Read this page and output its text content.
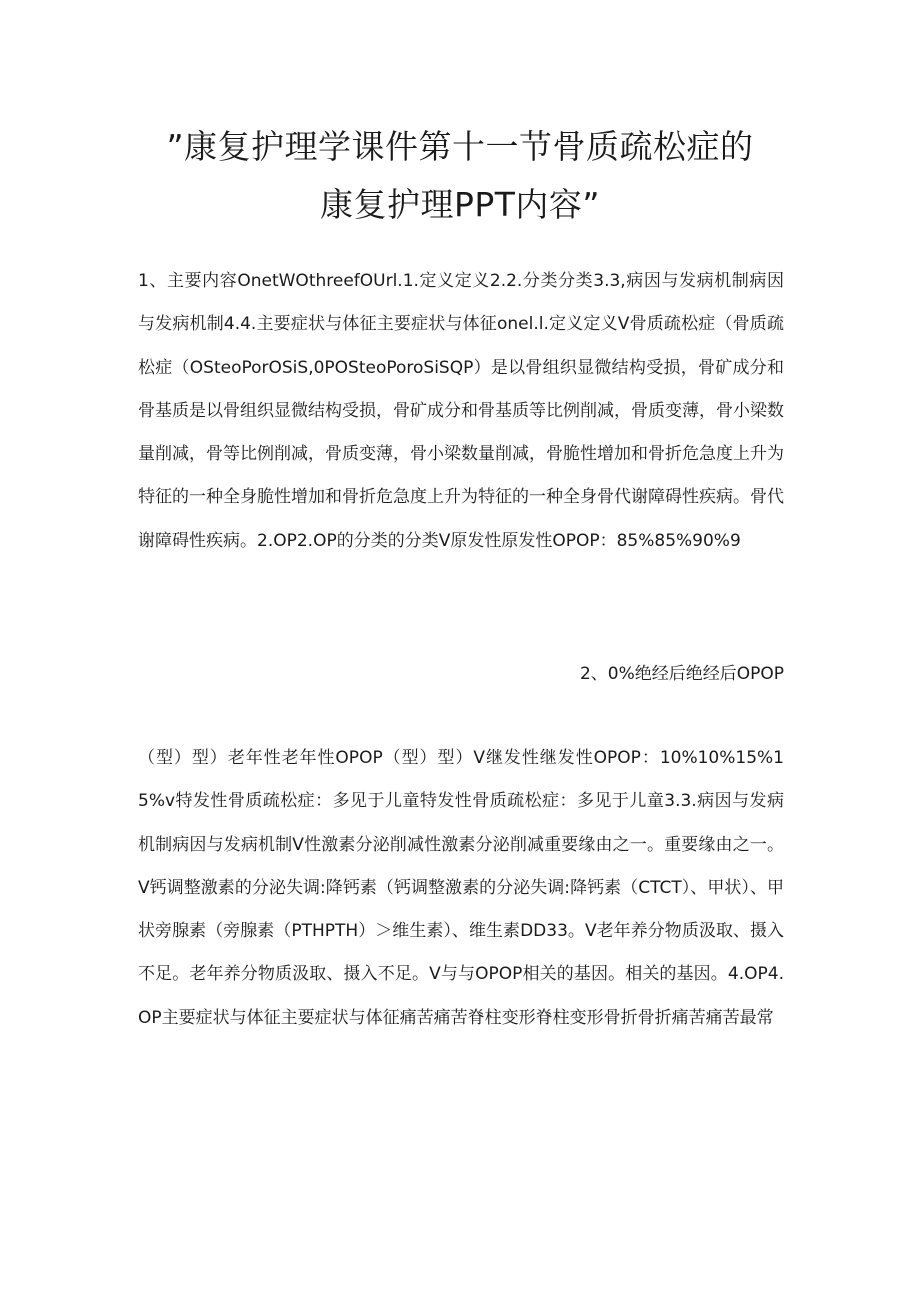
”康复护理学课件第十一节骨质疏松症的
康复护理PPT内容”

1、主要内容OnetWOthreefOUrl.1.定义定义2.2.分类分类3.3,病因与发病机制病因与发病机制4.4.主要症状与体征主要症状与体征onel.l.定义定义V骨质疏松症（骨质疏松症（OSteoPorOSiS,0POSteoPoroSiSQP）是以骨组织显微结构受损，骨矿成分和骨基质是以骨组织显微结构受损，骨矿成分和骨基质等比例削减，骨质变薄，骨小梁数量削减，骨等比例削减，骨质变薄，骨小梁数量削减，骨脆性增加和骨折危急度上升为特征的一种全身脆性增加和骨折危急度上升为特征的一种全身骨代谢障碍性疾病。骨代谢障碍性疾病。2.OP2.OP的分类的分类V原发性原发性OPOP：85%85%90%9

2、0%绝经后绝经后OPOP

（型）型）老年性老年性OPOP（型）型）V继发性继发性OPOP：10%10%15%15%v特发性骨质疏松症：多见于儿童特发性骨质疏松症：多见于儿童3.3.病因与发病机制病因与发病机制V性激素分泌削减性激素分泌削减重要缘由之一。重要缘由之一。V钙调整激素的分泌失调:降钙素（钙调整激素的分泌失调:降钙素（CTCT）、甲状）、甲状旁腺素（旁腺素（PTHPTH）＞维生素）、维生素DD33。V老年养分物质汲取、摄入不足。老年养分物质汲取、摄入不足。V与与OPOP相关的基因。相关的基因。4.OP4.OP主要症状与体征主要症状与体征痛苦痛苦脊柱变形脊柱变形骨折骨折痛苦痛苦最常
